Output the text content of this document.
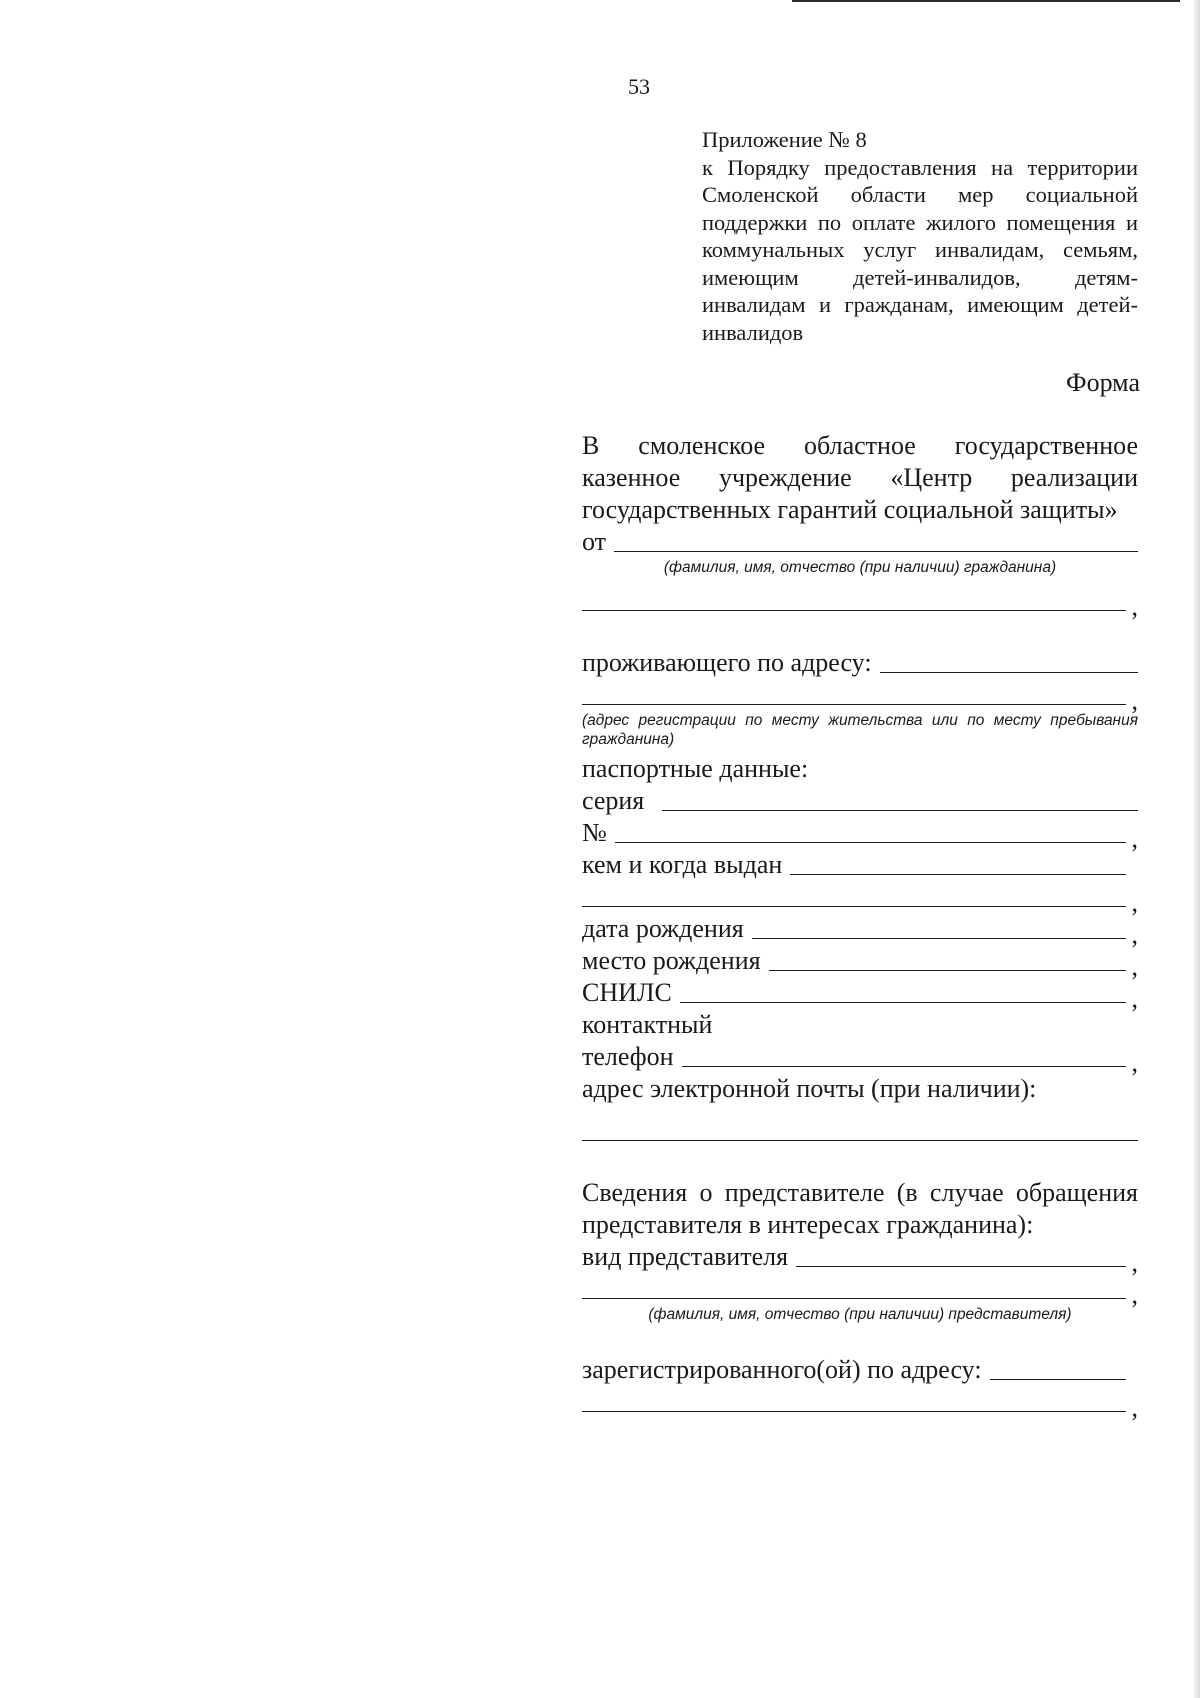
53

Приложение № 8

к Порядку предоставления на территории Смоленской области мер социальной поддержки по оплате жилого помещения и коммунальных услуг инвалидам, семьям, имеющим детей-инвалидов, детям-инвалидам и гражданам, имеющим детей-инвалидов

Форма

В смоленское областное государственное казенное учреждение «Центр реализации государственных гарантий социальной защиты»

от
(фамилия, имя, отчество (при наличии) гражданина)
,
проживающего по адресу:
,
(адрес регистрации по месту жительства или по месту пребывания гражданина)
паспортные данные:
серия
№	,
кем и когда выдан
,
дата рождения	,
место рождения	,
СНИЛС	,
контактный
телефон	,
адрес электронной почты (при наличии):

Сведения о представителе (в случае обращения представителя в интересах гражданина):

вид представителя	,
,
(фамилия, имя, отчество (при наличии) представителя)
зарегистрированного(ой) по адресу:
,
